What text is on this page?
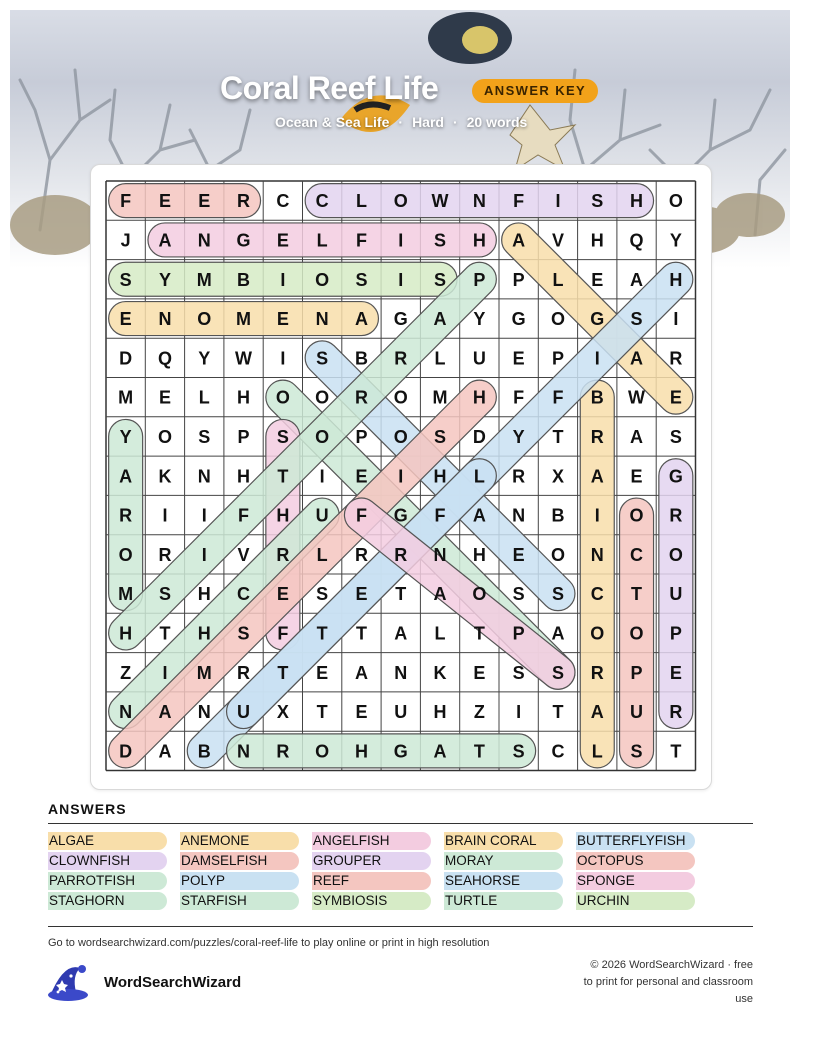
Coral Reef Life	ANSWER KEY
Ocean & Sea Life · Hard · 20 words
F E E R C C L O W N F I S H O
J A N G E L F I S H A V H Q Y
S Y M B I O S I S P P L E A H
E N O M E N A G A Y G O G S I
D Q Y W I S B R L U E P I A R
M E L H O O R O M H F F B W E
Y O S P S O P O S D Y T R A S
A K N H T I E I H L R X A E G
R I I F H U F G F A N B I O R
O R I V R L R R N H E O N C O
M S H C E S E T A O S S C T U
H T H S F T T A L T P A O O P
Z I M R T E A N K E S S R P E
N A N U X T E U H Z I T A U R
D A B N R O H G A T S C L S T
ANSWERS
ALGAE	ANEMONE	ANGELFISH	BRAIN CORAL	BUTTERFLYFISH
CLOWNFISH	DAMSELFISH	GROUPER	MORAY	OCTOPUS
PARROTFISH	POLYP	REEF	SEAHORSE	SPONGE
STAGHORN	STARFISH	SYMBIOSIS	TURTLE	URCHIN
Go to wordsearchwizard.com/puzzles/coral-reef-life to play online or print in high resolution
WordSearchWizard
© 2026 WordSearchWizard · free to print for personal and classroom use
